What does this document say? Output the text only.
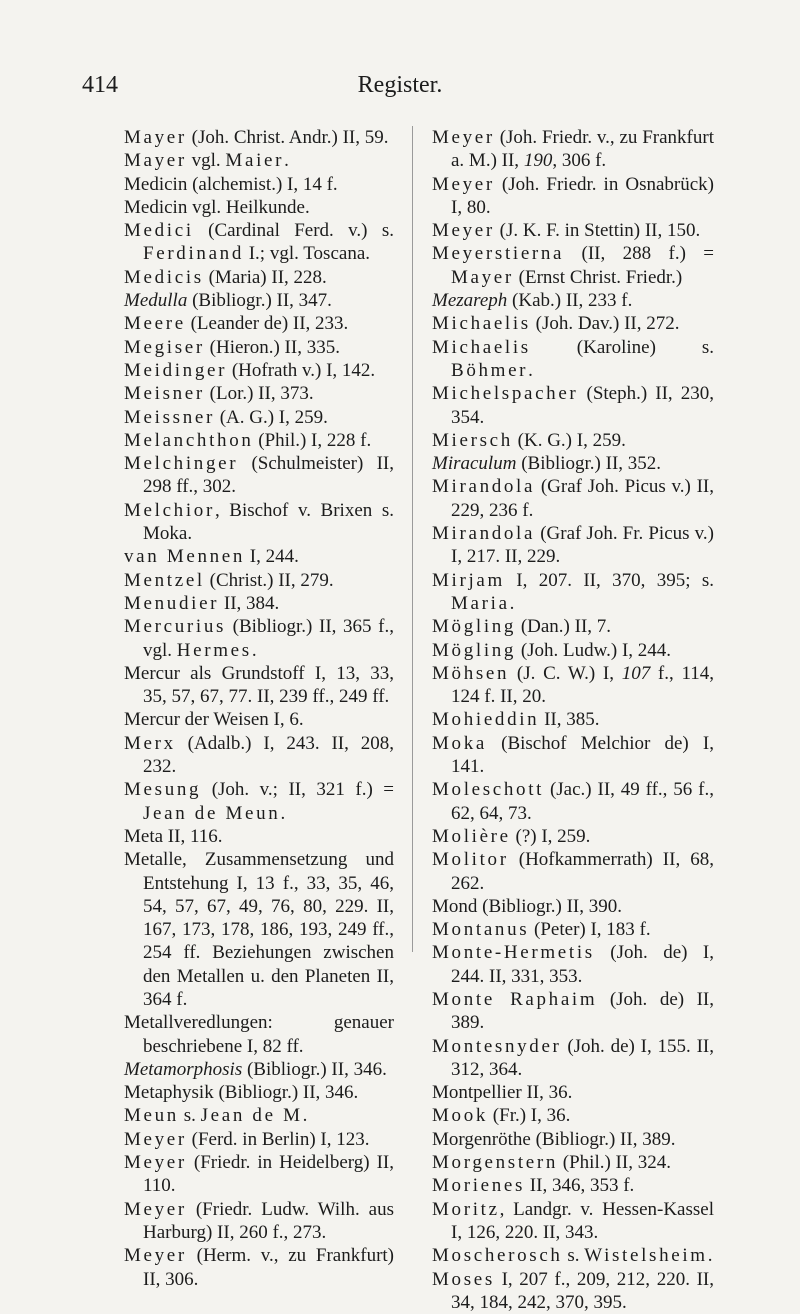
414	Register.
Mayer (Joh. Christ. Andr.) II, 59.
Mayer vgl. Maier.
Medicin (alchemist.) I, 14 f.
Medicin vgl. Heilkunde.
Medici (Cardinal Ferd. v.) s. Ferdinand I.; vgl. Toscana.
Medicis (Maria) II, 228.
Medulla (Bibliogr.) II, 347.
Meere (Leander de) II, 233.
Megiser (Hieron.) II, 335.
Meidinger (Hofrath v.) I, 142.
Meisner (Lor.) II, 373.
Meissner (A. G.) I, 259.
Melanchthon (Phil.) I, 228 f.
Melchinger (Schulmeister) II, 298 ff., 302.
Melchior, Bischof v. Brixen s. Moka.
van Mennen I, 244.
Mentzel (Christ.) II, 279.
Menudier II, 384.
Mercurius (Bibliogr.) II, 365 f., vgl. Hermes.
Mercur als Grundstoff I, 13, 33, 35, 57, 67, 77. II, 239 ff., 249 ff.
Mercur der Weisen I, 6.
Merx (Adalb.) I, 243. II, 208, 232.
Mesung (Joh. v.; II, 321 f.) = Jean de Meun.
Meta II, 116.
Metalle, Zusammensetzung und Entstehung I, 13 f., 33, 35, 46, 54, 57, 67, 49, 76, 80, 229. II, 167, 173, 178, 186, 193, 249 ff., 254 ff. Beziehungen zwischen den Metallen u. den Planeten II, 364 f.
Metallveredlungen: genauer beschriebene I, 82 ff.
Metamorphosis (Bibliogr.) II, 346.
Metaphysik (Bibliogr.) II, 346.
Meun s. Jean de M.
Meyer (Ferd. in Berlin) I, 123.
Meyer (Friedr. in Heidelberg) II, 110.
Meyer (Friedr. Ludw. Wilh. aus Harburg) II, 260 f., 273.
Meyer (Herm. v., zu Frankfurt) II, 306.
Meyer (Joh. Friedr. v., zu Frankfurt a. M.) II, 190, 306 f.
Meyer (Joh. Friedr. in Osnabrück) I, 80.
Meyer (J. K. F. in Stettin) II, 150.
Meyerstierna (II, 288 f.) = Mayer (Ernst Christ. Friedr.)
Mezareph (Kab.) II, 233 f.
Michaelis (Joh. Dav.) II, 272.
Michaelis (Karoline) s. Böhmer.
Michelspacher (Steph.) II, 230, 354.
Miersch (K. G.) I, 259.
Miraculum (Bibliogr.) II, 352.
Mirandola (Graf Joh. Picus v.) II, 229, 236 f.
Mirandola (Graf Joh. Fr. Picus v.) I, 217. II, 229.
Mirjam I, 207. II, 370, 395; s. Maria.
Mögling (Dan.) II, 7.
Mögling (Joh. Ludw.) I, 244.
Möhsen (J. C. W.) I, 107 f., 114, 124 f. II, 20.
Mohieddin II, 385.
Moka (Bischof Melchior de) I, 141.
Moleschott (Jac.) II, 49 ff., 56 f., 62, 64, 73.
Molière (?) I, 259.
Molitor (Hofkammerrath) II, 68, 262.
Mond (Bibliogr.) II, 390.
Montanus (Peter) I, 183 f.
Monte-Hermetis (Joh. de) I, 244. II, 331, 353.
Monte Raphaim (Joh. de) II, 389.
Montesnyder (Joh. de) I, 155. II, 312, 364.
Montpellier II, 36.
Mook (Fr.) I, 36.
Morgenröthe (Bibliogr.) II, 389.
Morgenstern (Phil.) II, 324.
Morienes II, 346, 353 f.
Moritz, Landgr. v. Hessen-Kassel I, 126, 220. II, 343.
Moscherosch s. Wistelsheim.
Moses I, 207 f., 209, 212, 220. II, 34, 184, 242, 370, 395.
